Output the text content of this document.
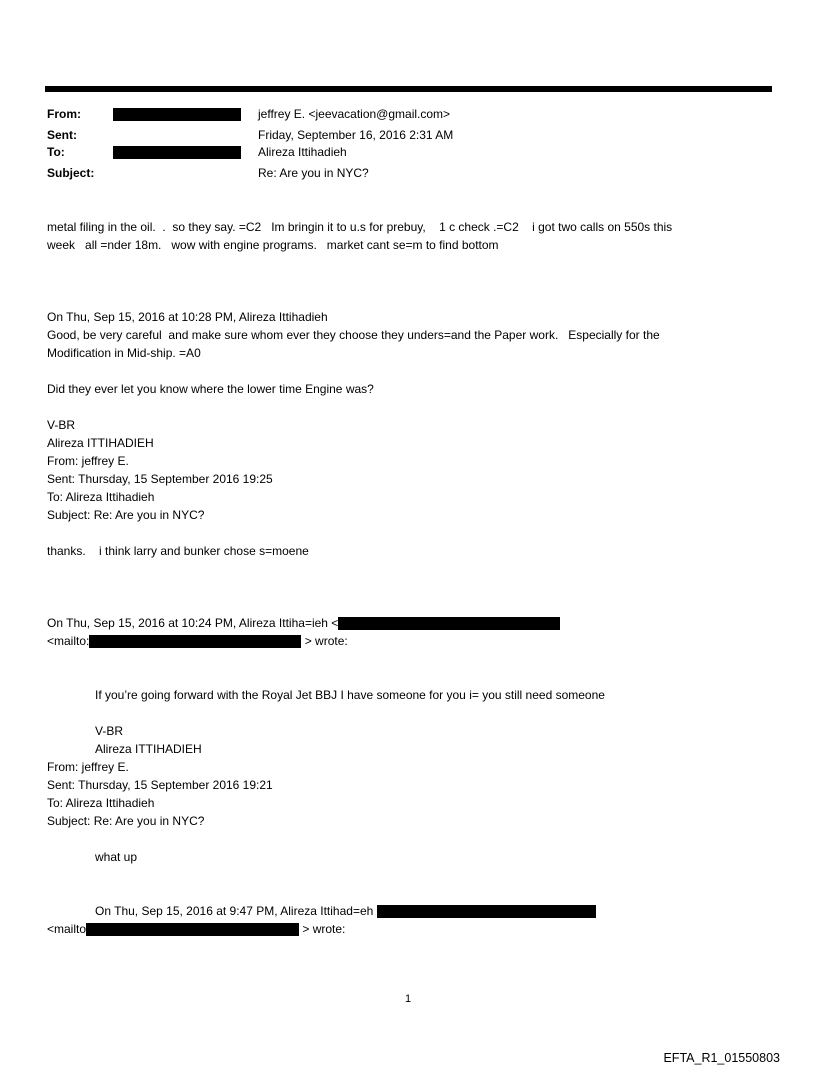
From:	jeffrey E. <jeevacation@gmail.com>
Sent:	Friday, September 16, 2016 2:31 AM
To:	Alireza Ittihadieh
Subject:	Re: Are you in NYC?
metal filing in the oil.  .  so they say. =C2   Im bringin it to u.s for prebuy,    1 c check .=C2    i got two calls on 550s this
week   all =nder 18m.   wow with engine programs.   market cant se=m to find bottom

On Thu, Sep 15, 2016 at 10:28 PM, Alireza Ittihadieh
Good, be very careful  and make sure whom ever they choose they unders=and the Paper work.   Especially for the
Modification in Mid-ship. =A0

Did they ever let you know where the lower time Engine was?

V-BR
Alireza ITTIHADIEH
From: jeffrey E.
Sent: Thursday, 15 September 2016 19:25
To: Alireza Ittihadieh
Subject: Re: Are you in NYC?

thanks.    i think larry and bunker chose s=moene

On Thu, Sep 15, 2016 at 10:24 PM, Alireza Ittiha=ieh <
<mailto:	> wrote:

If you’re going forward with the Royal Jet BBJ I have someone for you i= you still need someone

V-BR
Alireza ITTIHADIEH
From: jeffrey E.
Sent: Thursday, 15 September 2016 19:21
To: Alireza Ittihadieh
Subject: Re: Are you in NYC?

what up

On Thu, Sep 15, 2016 at 9:47 PM, Alireza Ittihad=eh
<mailto	> wrote:
1
EFTA_R1_01550803
